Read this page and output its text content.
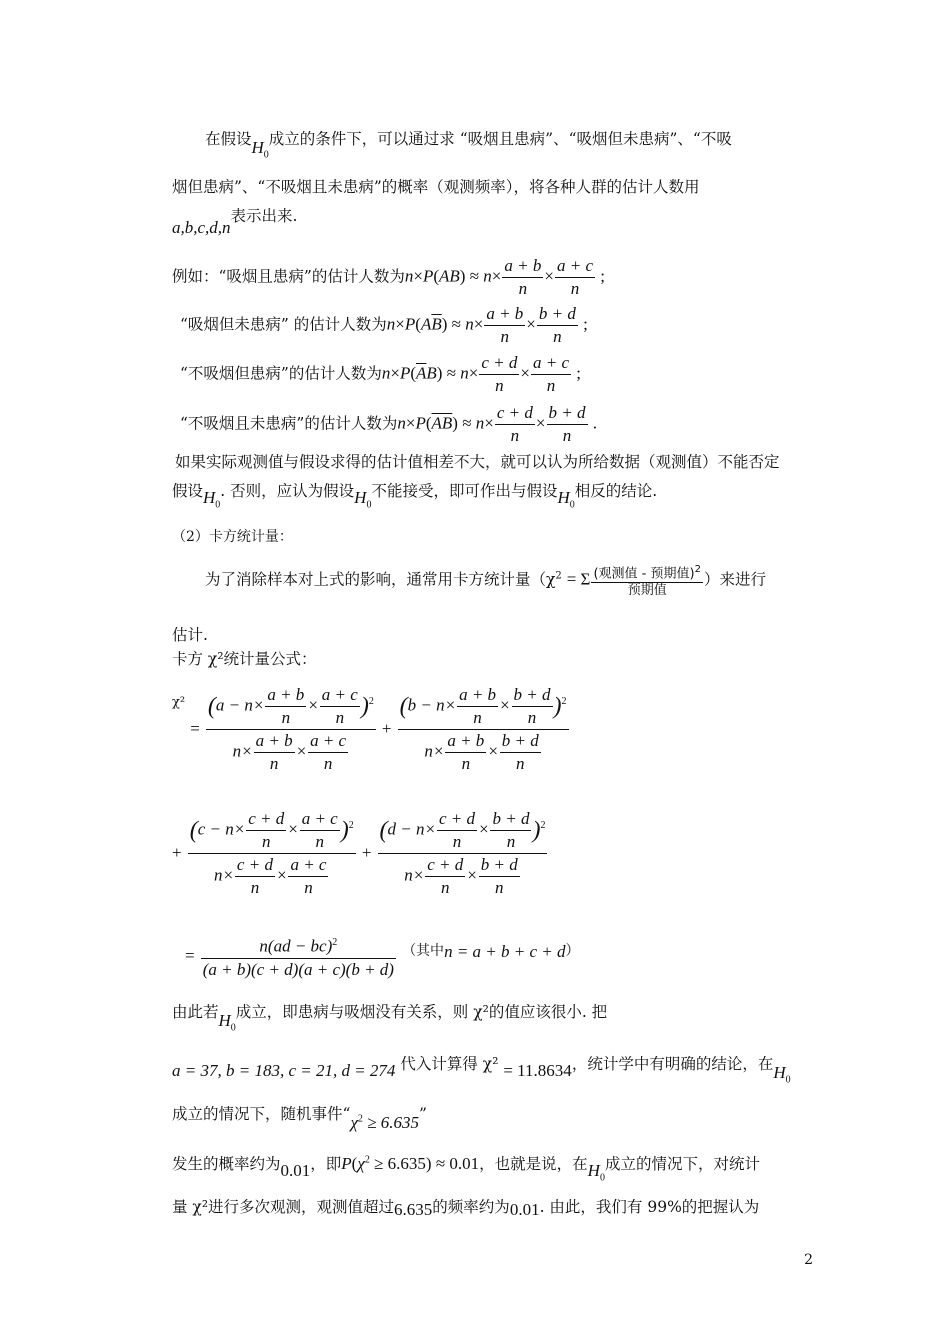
在假设$H_0$成立的条件下，可以通过求 “吸烟且患病”、“吸烟但未患病”、“不吸
烟但患病”、“不吸烟且未患病”的概率（观测频率），将各种人群的估计人数用
a,b,c,d,n表示出来.
例如：“吸烟且患病”的估计人数为$n\times P(AB) \approx n\times \frac{a + b}{n} \times \frac{a + c}{n}$ ;
“吸烟但未患病” 的估计人数为$n\times P(A\overline{B}) \approx n\times \frac{a + b}{n} \times \frac{b + d}{n}$ ;
“不吸烟但患病”的估计人数为$n\times P(\overline{A}B) \approx n\times \frac{c + d}{n} \times \frac{a + c}{n}$ ;
“不吸烟且未患病”的估计人数为$n\times P(\overline{AB}) \approx n\times \frac{c + d}{n} \times \frac{b + d}{n}$ .
如果实际观测值与假设求得的估计值相差不大，就可以认为所给数据（观测值）不能否定
假设$H_0$. 否则，应认为假设$H_0$不能接受，即可作出与假设$H_0$相反的结论.
（2）卡方统计量：
为了消除样本对上式的影响，通常用卡方统计量（$\chi^2 = \Sigma \frac{(观测值 - 预期值)^2}{\text{预期值}}$ ）来进行
估计.
卡方 χ²统计量公式：
$^{\chi^2} = \frac{(a - n\times \frac{a + b}{n} \times \frac{a + c}{n} )^2}{n\times \frac{a + b}{n} \times \frac{a + c}{n}} + \frac{(b - n\times \frac{a + b}{n} \times \frac{b + d}{n} )^2}{n\times \frac{a + b}{n} \times \frac{b + d}{n}}$
+ $\frac{(c - n\times \frac{c + d}{n} \times \frac{a + c}{n} )^2}{n\times \frac{c + d}{n} \times \frac{a + c}{n}} + \frac{(d - n\times \frac{c + d}{n} \times \frac{b + d}{n} )^2}{n\times \frac{c + d}{n} \times \frac{b + d}{n}}$
= $\frac{n(ad - bc)^2}{(a + b)(c + d)(a + c)(b + d)}$ （其中n = a + b + c + d）
由此若$H_0$成立，即患病与吸烟没有关系，则 χ²的值应该很小. 把
a = 37, b = 183, c = 21, d = 274 代入计算得 χ² = 11.8634，统计学中有明确的结论，在$H_0$
成立的情况下，随机事件“$\chi^2 \ge 6.635$”
发生的概率约为0.01，即$P(\chi^2 \ge 6.635) \approx 0.01$，也就是说，在$H_0$成立的情况下，对统计
量 χ²进行多次观测，观测值超过6.635的频率约为0.01. 由此，我们有 99%的把握认为
2
